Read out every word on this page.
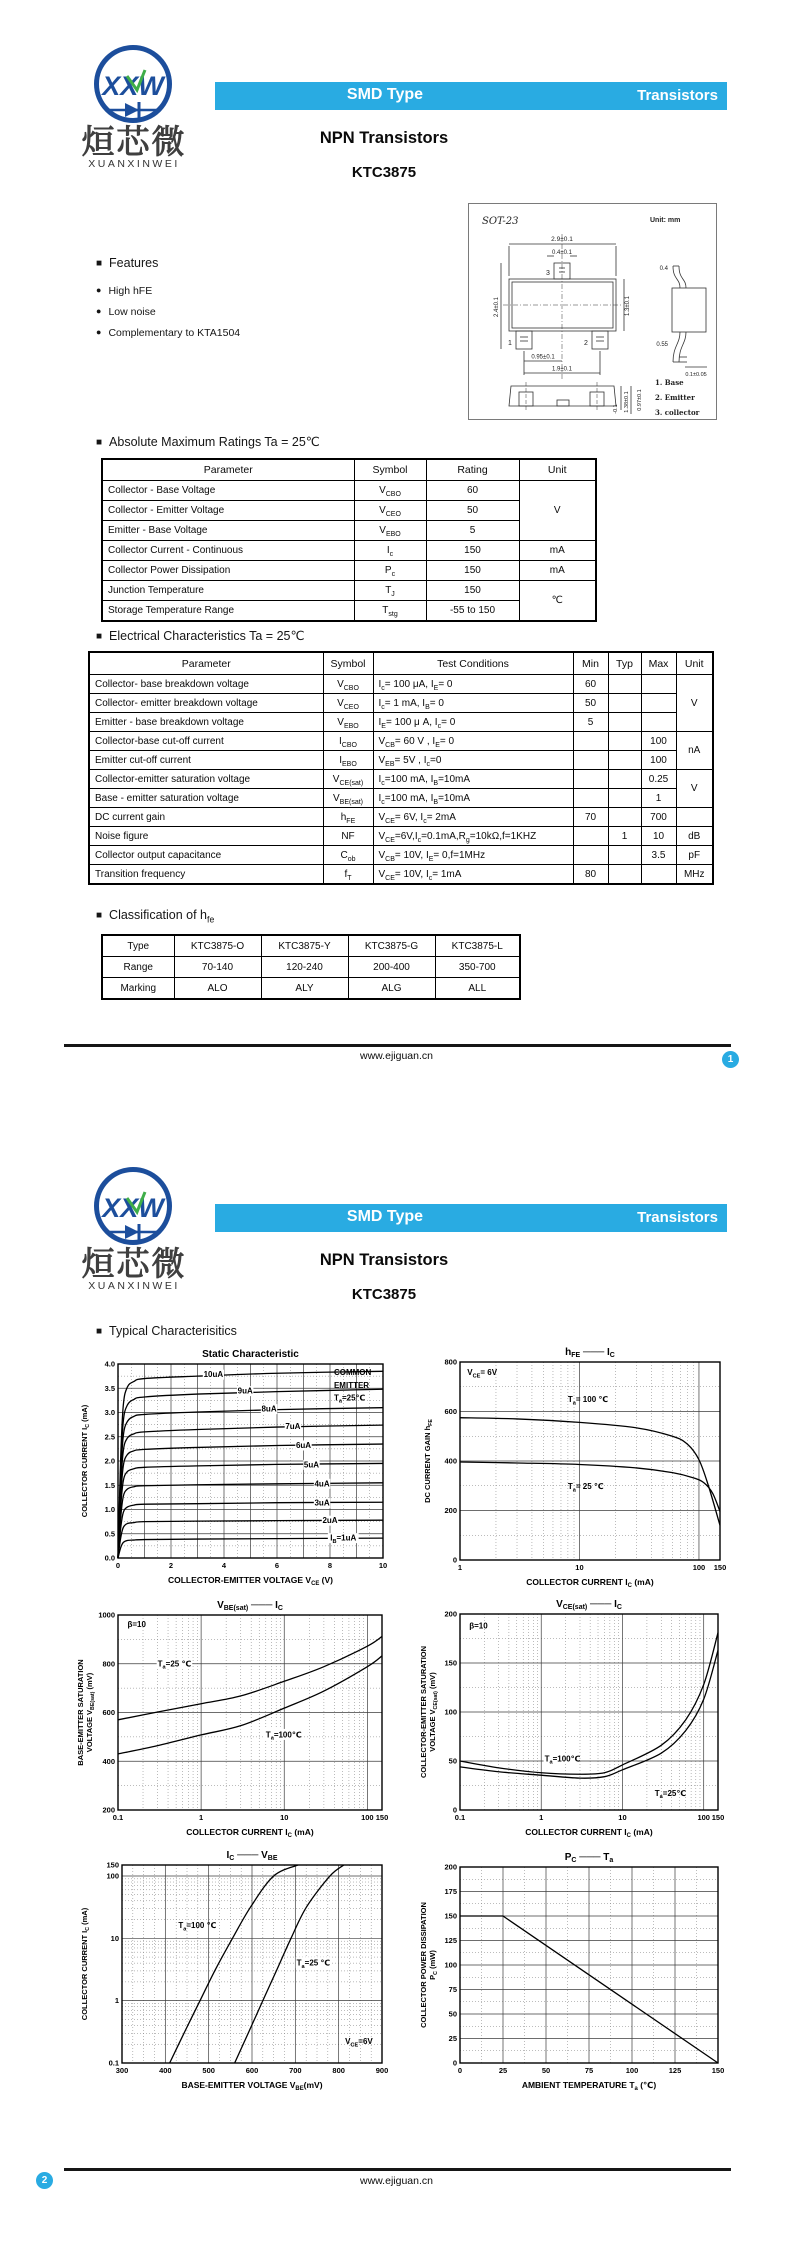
XXW
烜芯微
XUANXINWEI
SMD Type	Transistors
NPN Transistors
KTC3875
■ Features
● High hFE
● Low noise
● Complementary to KTA1504
SOT-23	Unit: mm
2.9±0.1
0.4±0.1
2.4±0.1	1.3±0.1
0.95±0.1
1.9±0.1
3
1	2
0.4
0.55
0.1±0.05
0.97±0.1
1.38±0.1
-0.1
1. Base
2. Emitter
3. collector
■ Absolute Maximum Ratings Ta = 25℃
Parameter	Symbol	Rating	Unit
Collector - Base Voltage	$V_{CBO}$	60	V
Collector - Emitter Voltage	$V_{CEO}$	50	
Emitter - Base Voltage	$V_{EBO}$	5	
Collector Current - Continuous	$I_c$	150	mA
Collector Power Dissipation	$P_c$	150	mA
Junction Temperature	$T_J$	150	℃
Storage Temperature Range	$T_{stg}$	-55 to 150	
■ Electrical Characteristics Ta = 25℃
Parameter	Symbol	Test Conditions	Min	Typ	Max	Unit
Collector- base breakdown voltage	$V_{CBO}$	$I_c= 100$ μA, $I_E= 0$	60			V
Collector- emitter breakdown voltage	$V_{CEO}$	$I_c= 1$ mA, $I_B= 0$	50			
Emitter - base breakdown voltage	$V_{EBO}$	$I_E= 100$ μ A, $I_c= 0$	5			
Collector-base cut-off current	$I_{CBO}$	$V_{CB}= 60$ V , $I_E= 0$			100	nA
Emitter cut-off current	$I_{EBO}$	$V_{EB}= 5V$ , $I_c=0$			100	
Collector-emitter saturation voltage	$V_{CE(sat)}$	$I_c=100$ mA, $I_B=10mA$			0.25	V
Base - emitter saturation voltage	$V_{BE(sat)}$	$I_c=100$ mA, $I_B=10mA$			1	
DC current gain	$h_{FE}$	$V_{CE}= 6V$, $I_c= 2mA$	70		700	
Noise figure	NF	$V_{CE}=6V,I_c=0.1mA,R_g=10k\Omega,f=1KHZ$		1	10	dB
Collector output capacitance	$C_{ob}$	$V_{CB}= 10V$, $I_E= 0,f=1MHz$			3.5	pF
Transition frequency	$f_T$	$V_{CE}= 10V$, $I_c= 1mA$	80			MHz
■ Classification of $h_{fe}$
Type	KTC3875-O	KTC3875-Y	KTC3875-G	KTC3875-L
Range	70-140	120-240	200-400	350-700
Marking	ALO	ALY	ALG	ALL
www.ejiguan.cn	1
XXW
烜芯微
XUANXINWEI
SMD Type	Transistors
NPN Transistors
KTC3875
■ Typical Characterisitics
0	2	4	6	8	10
0.0
0.5
1.0
1.5
2.0
2.5
3.0
3.5
4.0
10uA
9uA
8uA
7uA
6uA
5uA
4uA
3uA
2uA
$I_B=1uA$
COMMON
EMITTER
$T_a=25℃$
Static Characteristic
COLLECTOR-EMITTER VOLTAGE $V_{CE}$ (V)
COLLECTOR CURRENT $I_C$ (mA)
1	10	100 150
0
200
400
600
800
$V_{CE}= 6V$
$T_a= 100$ ℃
$T_a= 25$ ℃
$h_{FE}$ ─── $I_C$
COLLECTOR CURRENT $I_C$ (mA)
DC CURRENT GAIN $h_{FE}$
0.1	1	10	100 150
200
400
600
800
1000
β=10
$T_a=25$ ℃
$T_a=100℃$
$V_{BE(sat)}$ ─── $I_C$
COLLECTOR CURRENT $I_C$ (mA)
BASE-EMITTER SATURATION VOLTAGE $V_{BE(sat)}$ (mV)
0.1	1	10	100 150
0
50
100
150
200
β=10
$T_a=100℃$
$T_a=25℃$
$V_{CE(sat)}$ ─── $I_C$
COLLECTOR CURRENT $I_C$ (mA)
COLLECTOR-EMITTER SATURATION VOLTAGE $V_{CE(sat)}$ (mV)
300	400	500	600	700	800	900
0.1
1
10
100
150
$T_a=100$ ℃
$T_a=25$ ℃
$V_{CE}=6V$
$I_C$ ─── $V_{BE}$
BASE-EMITTER VOLTAGE $V_{BE}(mV)$
COLLECTOR CURRENT $I_C$ (mA)
0	25	50	75	100	125	150
0
25
50
75
100
125
150
175
200
$P_C$ ─── $T_a$
AMBIENT TEMPERATURE $T_a$ (℃)
COLLECTOR POWER DISSIPATION $P_C$ (mW)
www.ejiguan.cn
2
